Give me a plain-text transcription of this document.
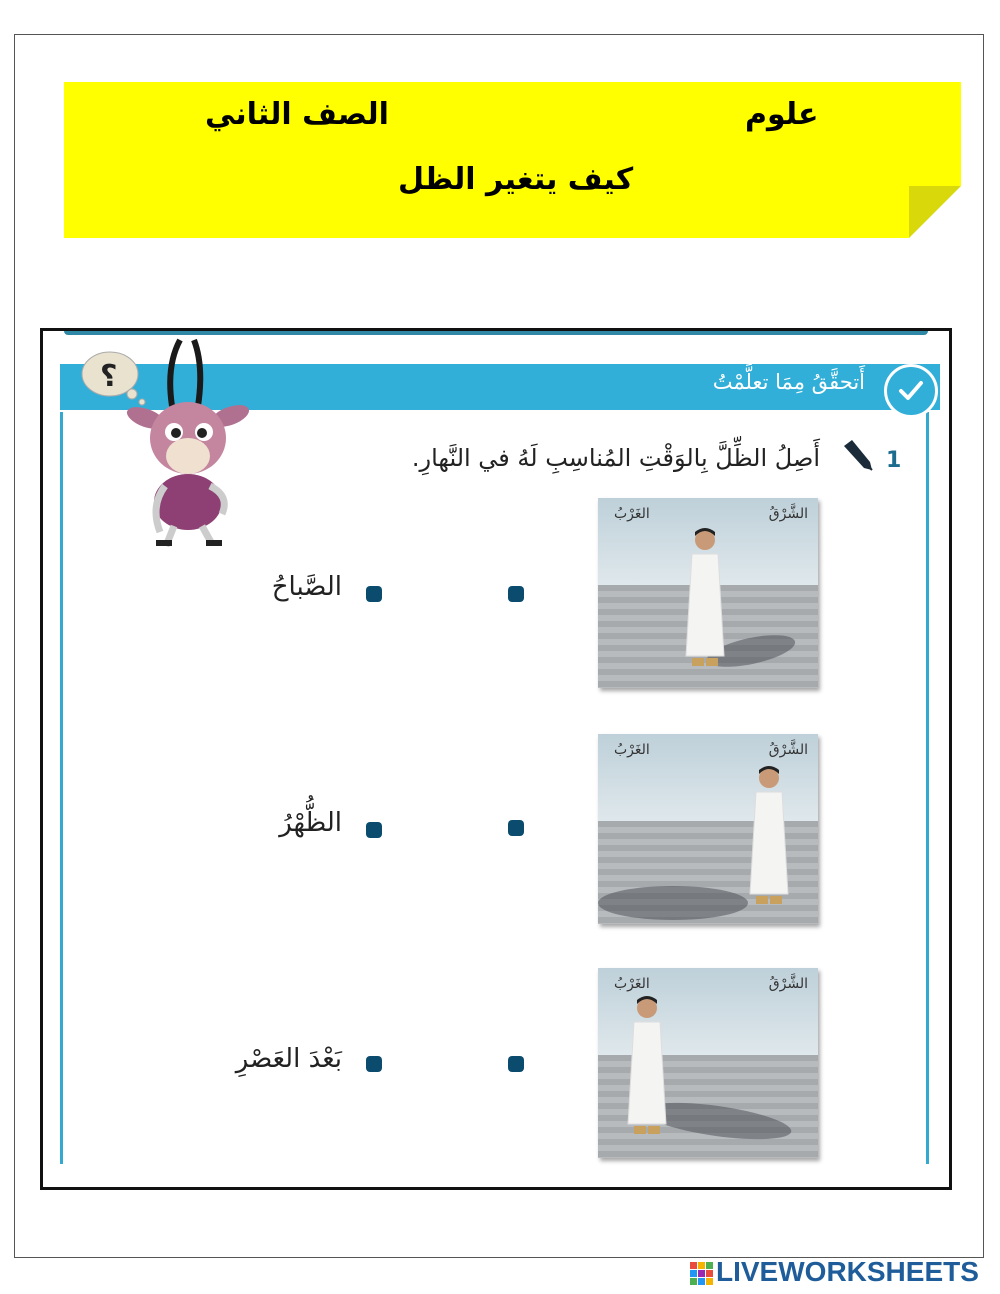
علوم
الصف الثاني
كيف يتغير الظل
أَتحقَّقُ مِمَا تعلَّمْتُ
؟
1
أَصِلُ الظِّلَّ بِالوَقْتِ المُناسِبِ لَهُ في النَّهارِ.
الصَّباحُ
الظُّهْرُ
بَعْدَ العَصْرِ
الشَّرْقُ
الغَرْبُ
الشَّرْقُ
الغَرْبُ
الشَّرْقُ
الغَرْبُ
LIVEWORKSHEETS
